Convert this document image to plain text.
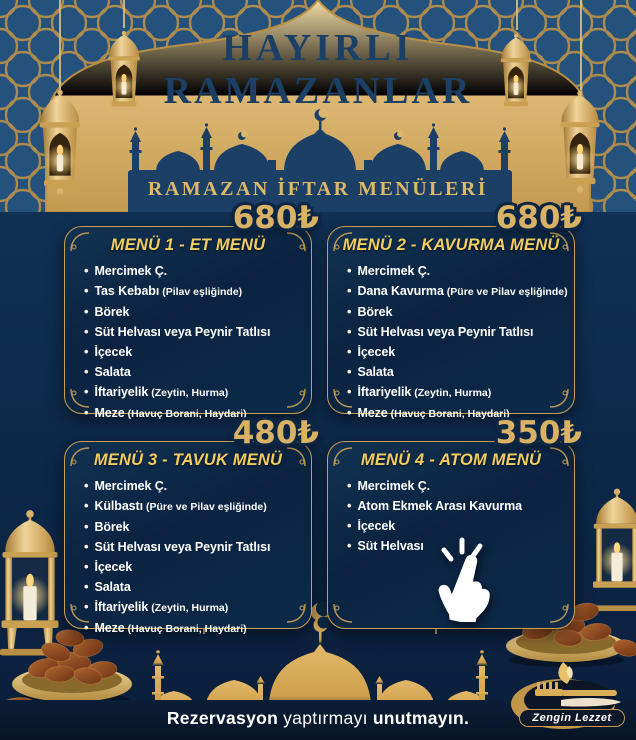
HAYIRLI
RAMAZANLAR
RAMAZAN İFTAR MENÜLERİ
680₺
MENÜ 1 - ET MENÜ
• Mercimek Ç.
• Tas Kebabı (Pilav eşliğinde)
• Börek
• Süt Helvası veya Peynir Tatlısı
• İçecek
• Salata
• İftariyelik (Zeytin, Hurma)
• Meze (Havuç Borani, Haydari)
680₺
MENÜ 2 - KAVURMA MENÜ
• Mercimek Ç.
• Dana Kavurma (Püre ve Pilav eşliğinde)
• Börek
• Süt Helvası veya Peynir Tatlısı
• İçecek
• Salata
• İftariyelik (Zeytin, Hurma)
• Meze (Havuç Borani, Haydari)
480₺
MENÜ 3 - TAVUK MENÜ
• Mercimek Ç.
• Külbastı (Püre ve Pilav eşliğinde)
• Börek
• Süt Helvası veya Peynir Tatlısı
• İçecek
• Salata
• İftariyelik (Zeytin, Hurma)
• Meze (Havuç Borani, Haydari)
350₺
MENÜ 4 - ATOM MENÜ
• Mercimek Ç.
• Atom Ekmek Arası Kavurma
• İçecek
• Süt Helvası
Rezervasyon yaptırmayı unutmayın.	Zengin Lezzet
